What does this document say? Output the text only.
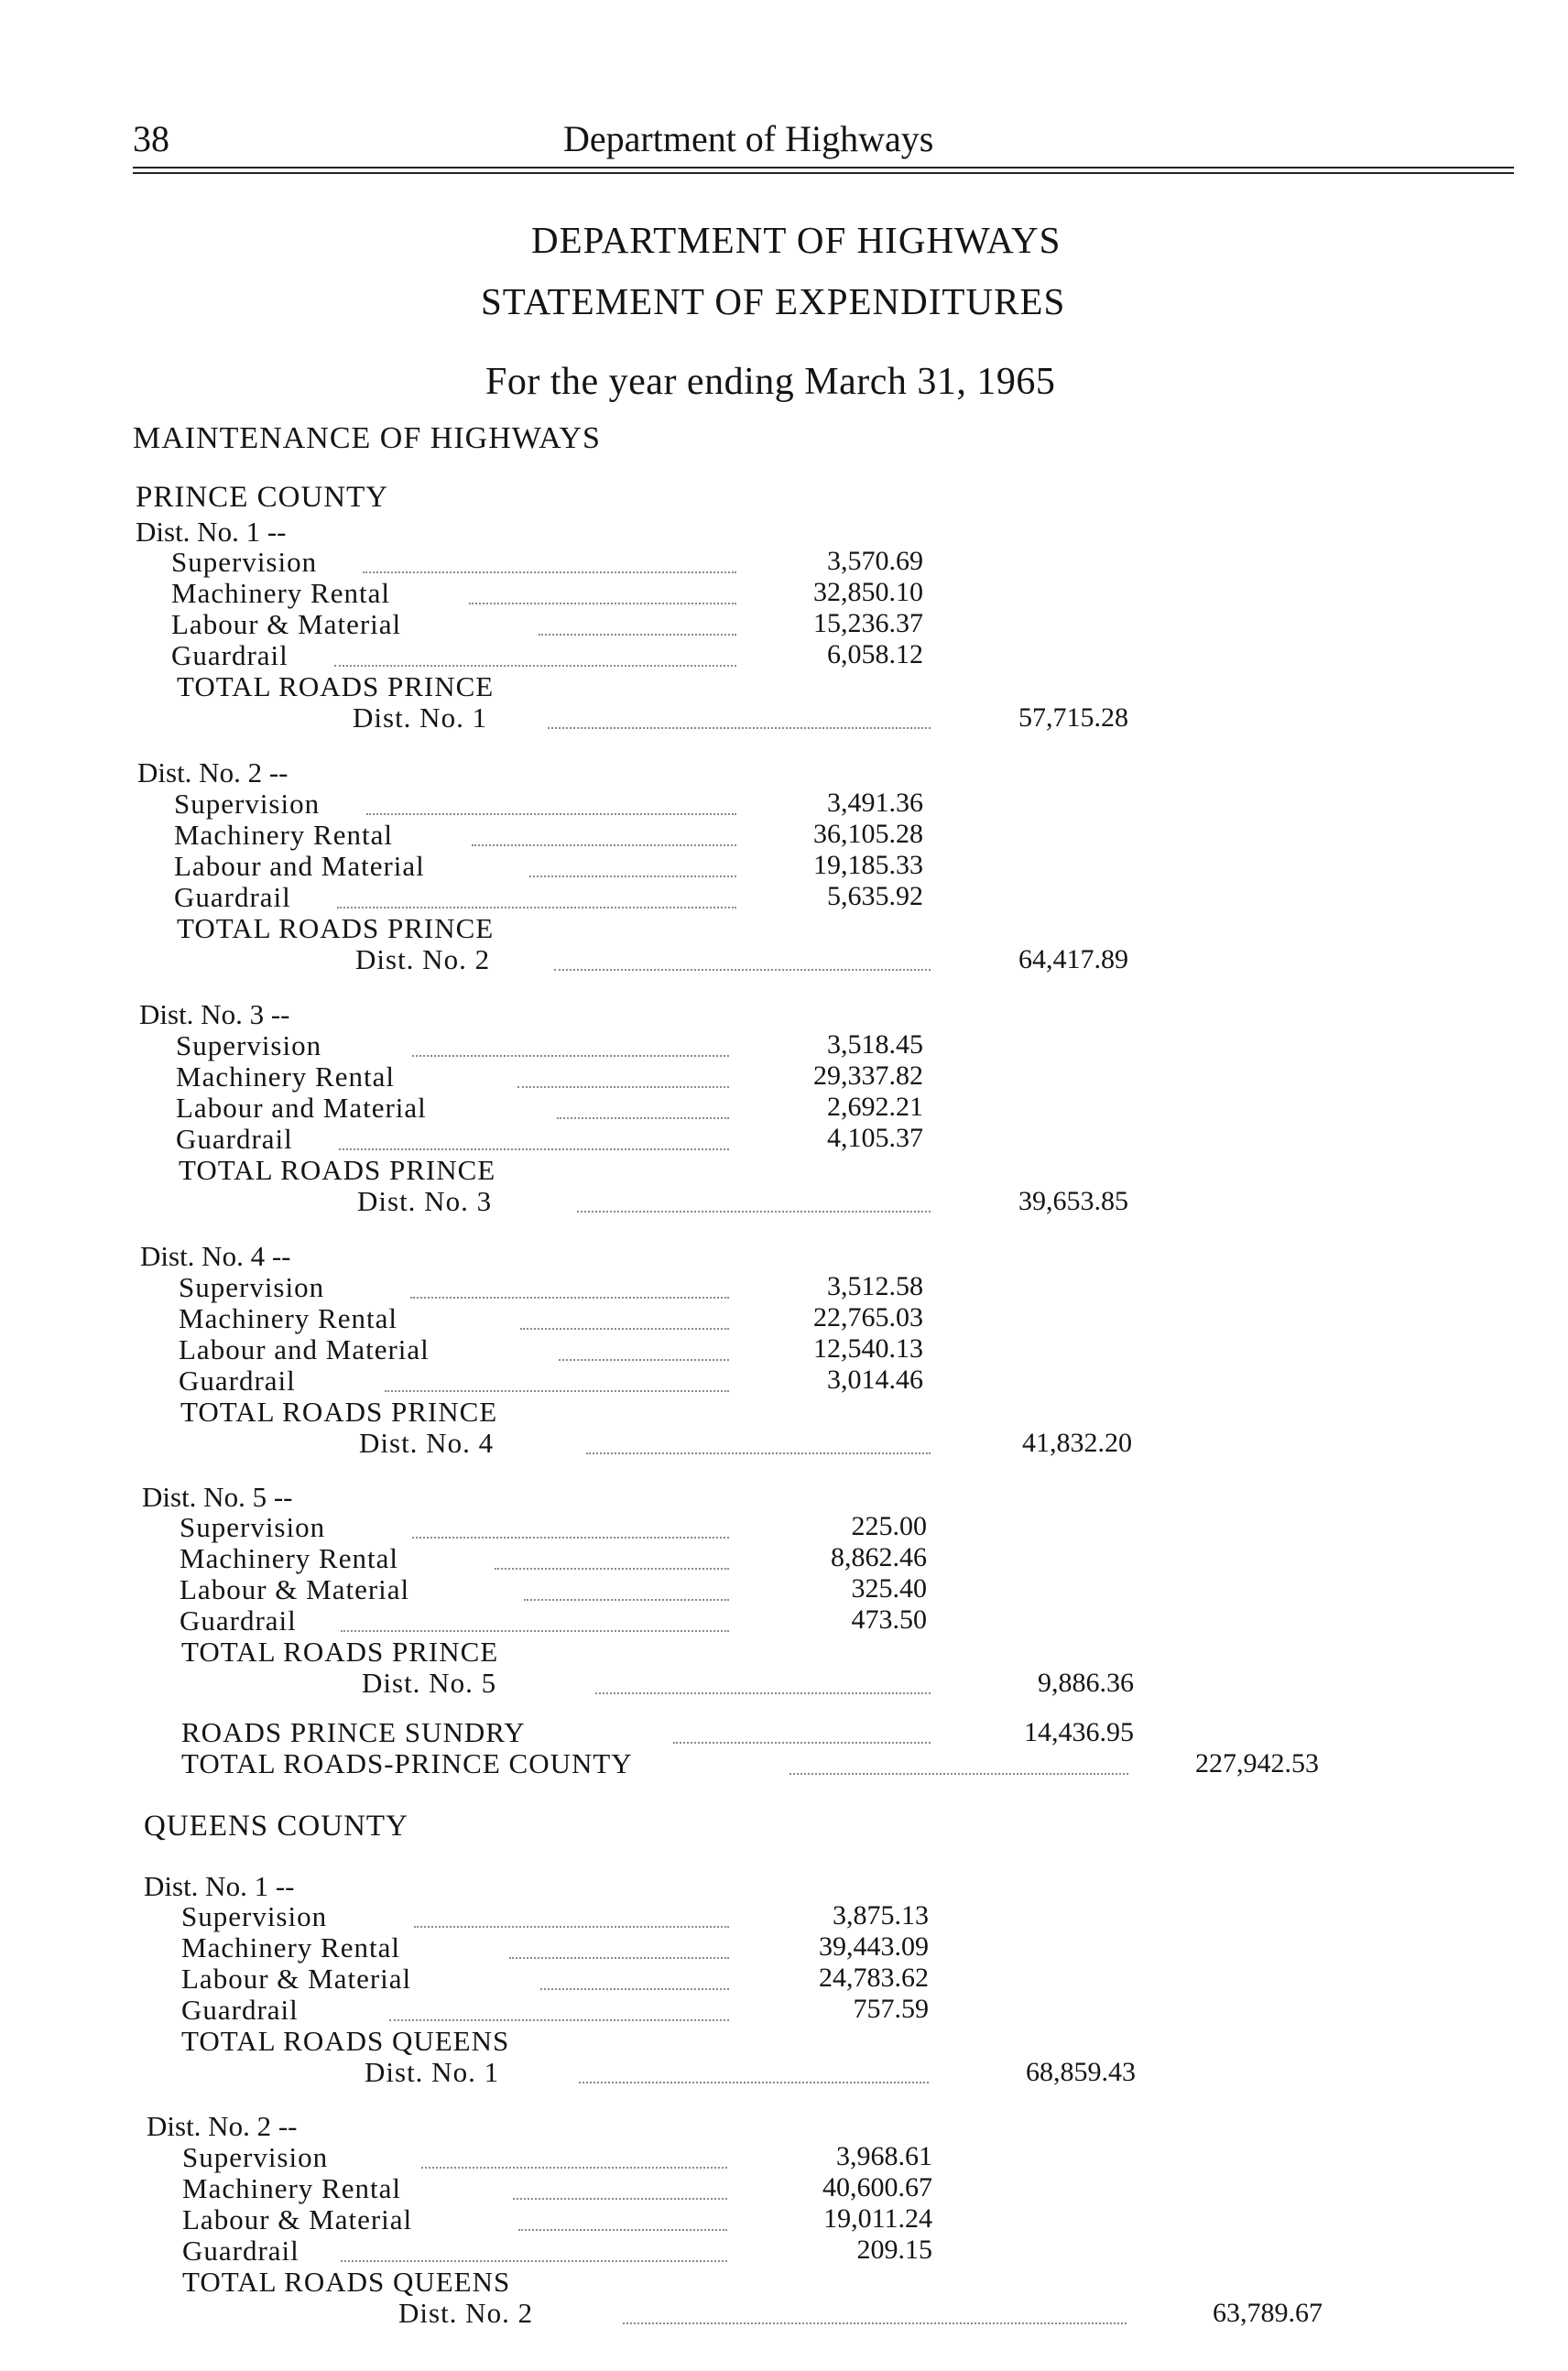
38	Department of Highways
DEPARTMENT OF HIGHWAYS
STATEMENT OF EXPENDITURES
For the year ending March 31, 1965
MAINTENANCE OF HIGHWAYS
PRINCE COUNTY
Dist. No. 1 --
Supervision	3,570.69
Machinery Rental	32,850.10
Labour & Material	15,236.37
Guardrail	6,058.12
TOTAL ROADS PRINCE
Dist. No. 1	57,715.28
Dist. No. 2 --
Supervision	3,491.36
Machinery Rental	36,105.28
Labour and Material	19,185.33
Guardrail	5,635.92
TOTAL ROADS PRINCE
Dist. No. 2	64,417.89
Dist. No. 3 --
Supervision	3,518.45
Machinery Rental	29,337.82
Labour and Material	2,692.21
Guardrail	4,105.37
TOTAL ROADS PRINCE
Dist. No. 3	39,653.85
Dist. No. 4 --
Supervision	3,512.58
Machinery Rental	22,765.03
Labour and Material	12,540.13
Guardrail	3,014.46
TOTAL ROADS PRINCE
Dist. No. 4	41,832.20
Dist. No. 5 --
Supervision	225.00
Machinery Rental	8,862.46
Labour & Material	325.40
Guardrail	473.50
TOTAL ROADS PRINCE
Dist. No. 5	9,886.36
ROADS PRINCE SUNDRY	14,436.95
TOTAL ROADS-PRINCE COUNTY	227,942.53
QUEENS COUNTY
Dist. No. 1 --
Supervision	3,875.13
Machinery Rental	39,443.09
Labour & Material	24,783.62
Guardrail	757.59
TOTAL ROADS QUEENS
Dist. No. 1	68,859.43
Dist. No. 2 --
Supervision	3,968.61
Machinery Rental	40,600.67
Labour & Material	19,011.24
Guardrail	209.15
TOTAL ROADS QUEENS
Dist. No. 2	63,789.67
